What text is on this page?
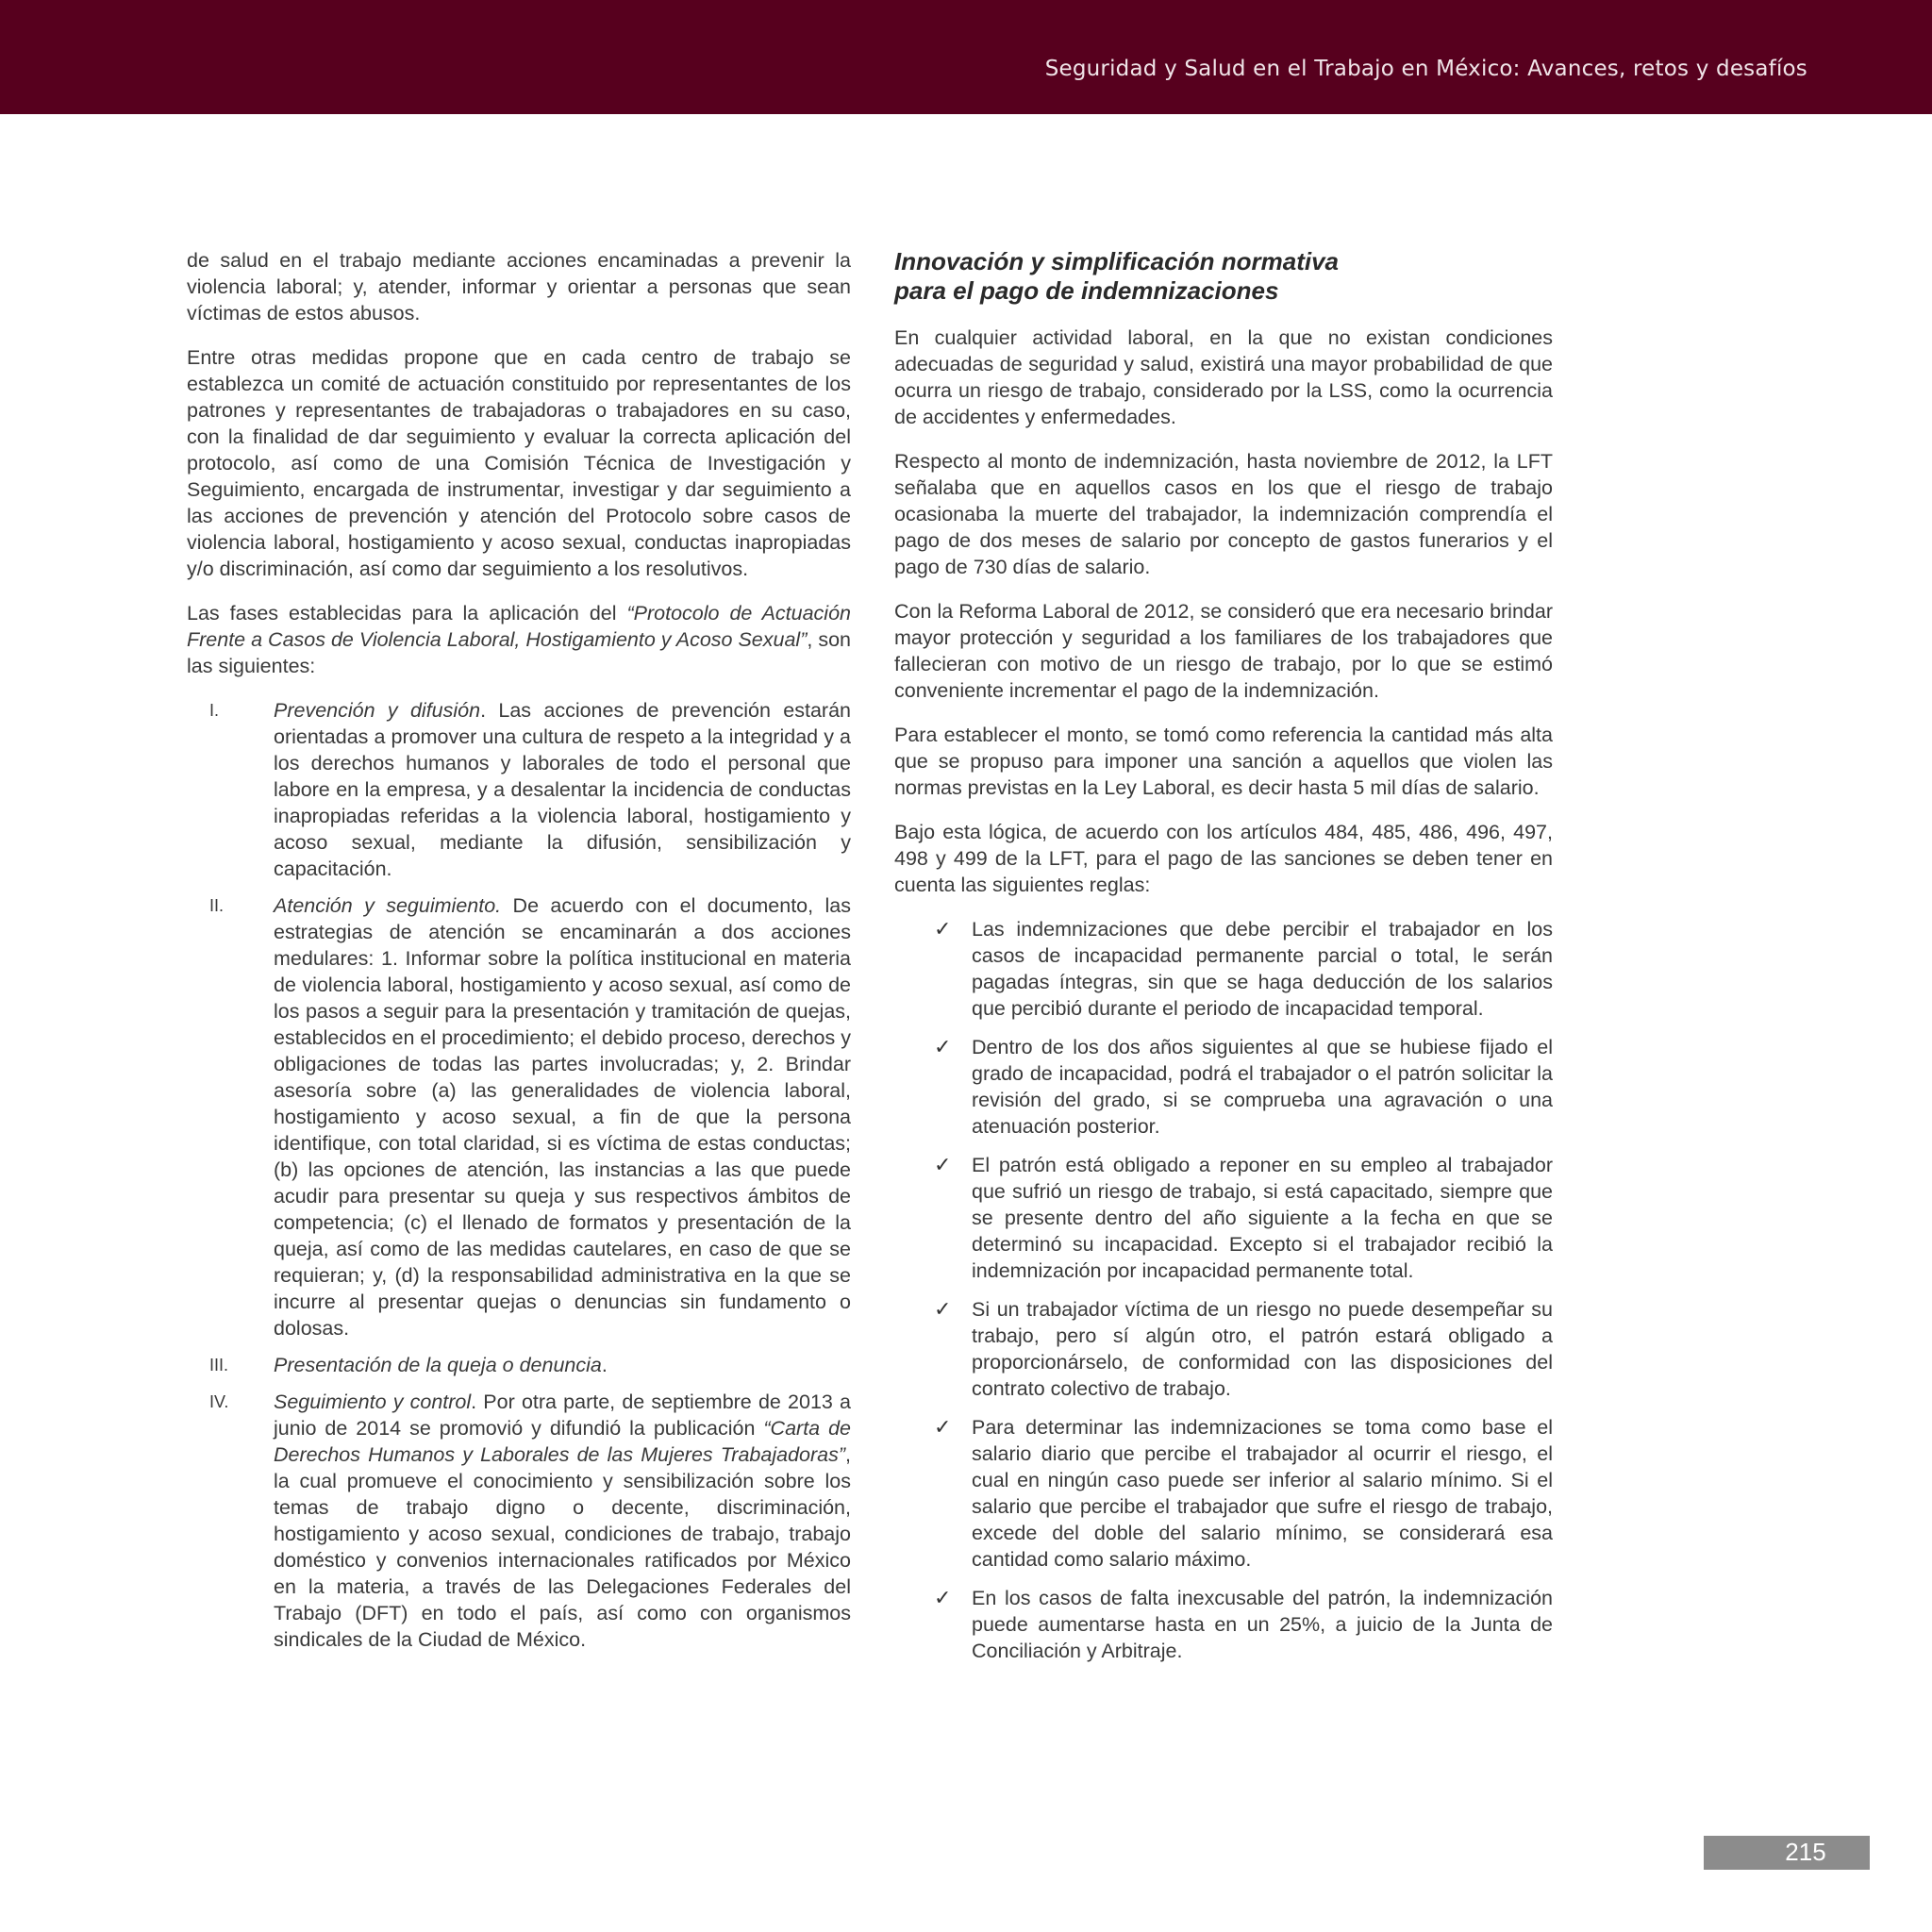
Seguridad y Salud en el Trabajo en México: Avances, retos y desafíos

de salud en el trabajo mediante acciones encaminadas a prevenir la violencia laboral; y, atender, informar y orientar a personas que sean víctimas de estos abusos.

Entre otras medidas propone que en cada centro de trabajo se establezca un comité de actuación constituido por representantes de los patrones y representantes de trabajadoras o trabajadores en su caso, con la finalidad de dar seguimiento y evaluar la correcta aplicación del protocolo, así como de una Comisión Técnica de Investigación y Seguimiento, encargada de instrumentar, investigar y dar seguimiento a las acciones de prevención y atención del Protocolo sobre casos de violencia laboral, hostigamiento y acoso sexual, conductas inapropiadas y/o discriminación, así como dar seguimiento a los resolutivos.

Las fases establecidas para la aplicación del “Protocolo de Actuación Frente a Casos de Violencia Laboral, Hostigamiento y Acoso Sexual”, son las siguientes:

I.	Prevención y difusión. Las acciones de prevención estarán orientadas a promover una cultura de respeto a la integridad y a los derechos humanos y laborales de todo el personal que labore en la empresa, y a desalentar la incidencia de conductas inapropiadas referidas a la violencia laboral, hostigamiento y acoso sexual, mediante la difusión, sensibilización y capacitación.
II. Atención y seguimiento. De acuerdo con el documento, las estrategias de atención se encaminarán a dos acciones medulares: 1. Informar sobre la política institucional en materia de violencia laboral, hostigamiento y acoso sexual, así como de los pasos a seguir para la presentación y tramitación de quejas, establecidos en el procedimiento; el debido proceso, derechos y obligaciones de todas las partes involucradas; y, 2. Brindar asesoría sobre (a) las generalidades de violencia laboral, hostigamiento y acoso sexual, a fin de que la persona identifique, con total claridad, si es víctima de estas conductas; (b) las opciones de atención, las instancias a las que puede acudir para presentar su queja y sus respectivos ámbitos de competencia; (c) el llenado de formatos y presentación de la queja, así como de las medidas cautelares, en caso de que se requieran; y, (d) la responsabilidad administrativa en la que se incurre al presentar quejas o denuncias sin fundamento o dolosas.
III. Presentación de la queja o denuncia.
IV. Seguimiento y control. Por otra parte, de septiembre de 2013 a junio de 2014 se promovió y difundió la publicación “Carta de Derechos Humanos y Laborales de las Mujeres Trabajadoras”, la cual promueve el conocimiento y sensibilización sobre los temas de trabajo digno o decente, discriminación, hostigamiento y acoso sexual, condiciones de trabajo, trabajo doméstico y convenios internacionales ratificados por México en la materia, a través de las Delegaciones Federales del Trabajo (DFT) en todo el país, así como con organismos sindicales de la Ciudad de México.
Innovación y simplificación normativa
para el pago de indemnizaciones

En cualquier actividad laboral, en la que no existan condiciones adecuadas de seguridad y salud, existirá una mayor probabilidad de que ocurra un riesgo de trabajo, considerado por la LSS, como la ocurrencia de accidentes y enfermedades.

Respecto al monto de indemnización, hasta noviembre de 2012, la LFT señalaba que en aquellos casos en los que el riesgo de trabajo ocasionaba la muerte del trabajador, la indemnización comprendía el pago de dos meses de salario por concepto de gastos funerarios y el pago de 730 días de salario.

Con la Reforma Laboral de 2012, se consideró que era necesario brindar mayor protección y seguridad a los familiares de los trabajadores que fallecieran con motivo de un riesgo de trabajo, por lo que se estimó conveniente incrementar el pago de la indemnización.

Para establecer el monto, se tomó como referencia la cantidad más alta que se propuso para imponer una sanción a aquellos que violen las normas previstas en la Ley Laboral, es decir hasta 5 mil días de salario.

Bajo esta lógica, de acuerdo con los artículos 484, 485, 486, 496, 497, 498 y 499 de la LFT, para el pago de las sanciones se deben tener en cuenta las siguientes reglas:

✓ Las indemnizaciones que debe percibir el trabajador en los casos de incapacidad permanente parcial o total, le serán pagadas íntegras, sin que se haga deducción de los salarios que percibió durante el periodo de incapacidad temporal.
✓ Dentro de los dos años siguientes al que se hubiese fijado el grado de incapacidad, podrá el trabajador o el patrón solicitar la revisión del grado, si se comprueba una agravación o una atenuación posterior.
✓ El patrón está obligado a reponer en su empleo al trabajador que sufrió un riesgo de trabajo, si está capacitado, siempre que se presente dentro del año siguiente a la fecha en que se determinó su incapacidad. Excepto si el trabajador recibió la indemnización por incapacidad permanente total.
✓ Si un trabajador víctima de un riesgo no puede desempeñar su trabajo, pero sí algún otro, el patrón estará obligado a proporcionárselo, de conformidad con las disposiciones del contrato colectivo de trabajo.
✓ Para determinar las indemnizaciones se toma como base el salario diario que percibe el trabajador al ocurrir el riesgo, el cual en ningún caso puede ser inferior al salario mínimo. Si el salario que percibe el trabajador que sufre el riesgo de trabajo, excede del doble del salario mínimo, se considerará esa cantidad como salario máximo.
✓ En los casos de falta inexcusable del patrón, la indemnización puede aumentarse hasta en un 25%, a juicio de la Junta de Conciliación y Arbitraje.
215
